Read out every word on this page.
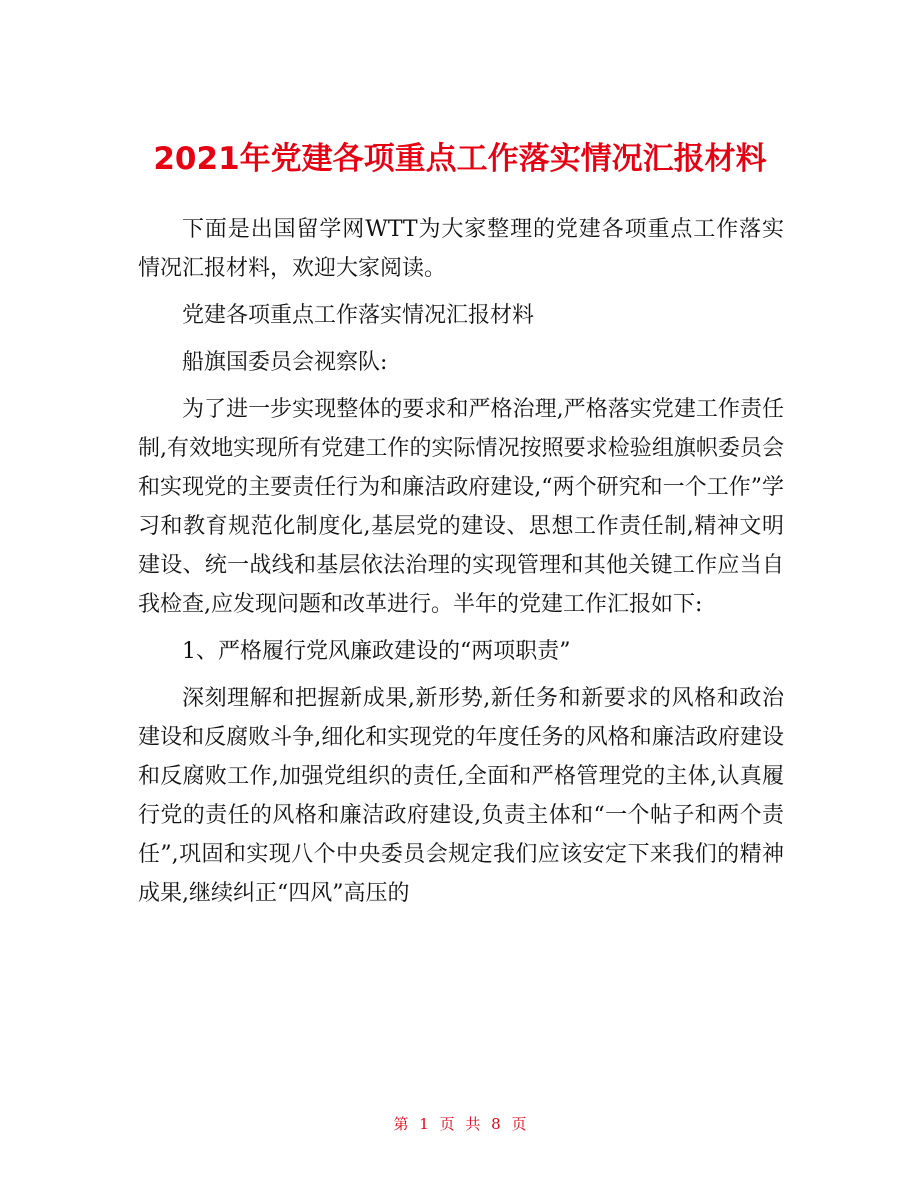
2021年党建各项重点工作落实情况汇报材料

下面是出国留学网WTT为大家整理的党建各项重点工作落实情况汇报材料，欢迎大家阅读。

党建各项重点工作落实情况汇报材料

船旗国委员会视察队:

为了进一步实现整体的要求和严格治理,严格落实党建工作责任制,有效地实现所有党建工作的实际情况按照要求检验组旗帜委员会和实现党的主要责任行为和廉洁政府建设,“两个研究和一个工作”学习和教育规范化制度化,基层党的建设、思想工作责任制,精神文明建设、统一战线和基层依法治理的实现管理和其他关键工作应当自我检查,应发现问题和改革进行。半年的党建工作汇报如下:

1、严格履行党风廉政建设的“两项职责”

深刻理解和把握新成果,新形势,新任务和新要求的风格和政治建设和反腐败斗争,细化和实现党的年度任务的风格和廉洁政府建设和反腐败工作,加强党组织的责任,全面和严格管理党的主体,认真履行党的责任的风格和廉洁政府建设,负责主体和“一个帖子和两个责任”,巩固和实现八个中央委员会规定我们应该安定下来我们的精神成果,继续纠正“四风”高压的

第 1 页 共 8 页
